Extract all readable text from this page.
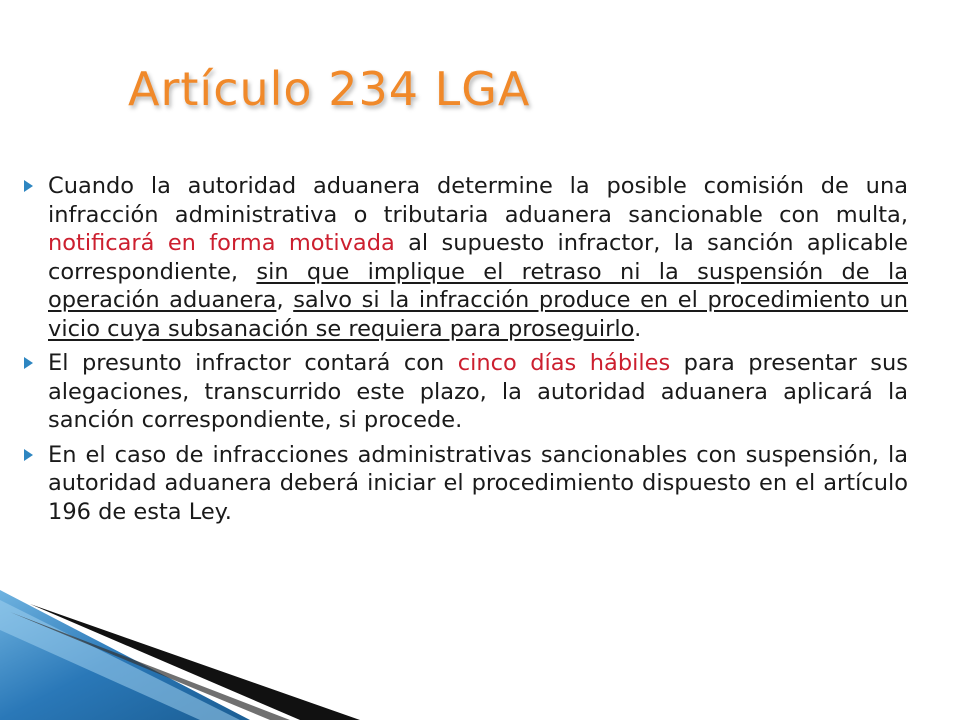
Artículo 234 LGA
Cuando la autoridad aduanera determine la posible comisión de una infracción administrativa o tributaria aduanera sancionable con multa, notificará en forma motivada al supuesto infractor, la sanción aplicable correspondiente, sin que implique el retraso ni la suspensión de la operación aduanera, salvo si la infracción produce en el procedimiento un vicio cuya subsanación se requiera para proseguirlo.
El presunto infractor contará con cinco días hábiles para presentar sus alegaciones, transcurrido este plazo, la autoridad aduanera aplicará la sanción correspondiente, si procede.
En el caso de infracciones administrativas sancionables con suspensión, la autoridad aduanera deberá iniciar el procedimiento dispuesto en el artículo 196 de esta Ley.
